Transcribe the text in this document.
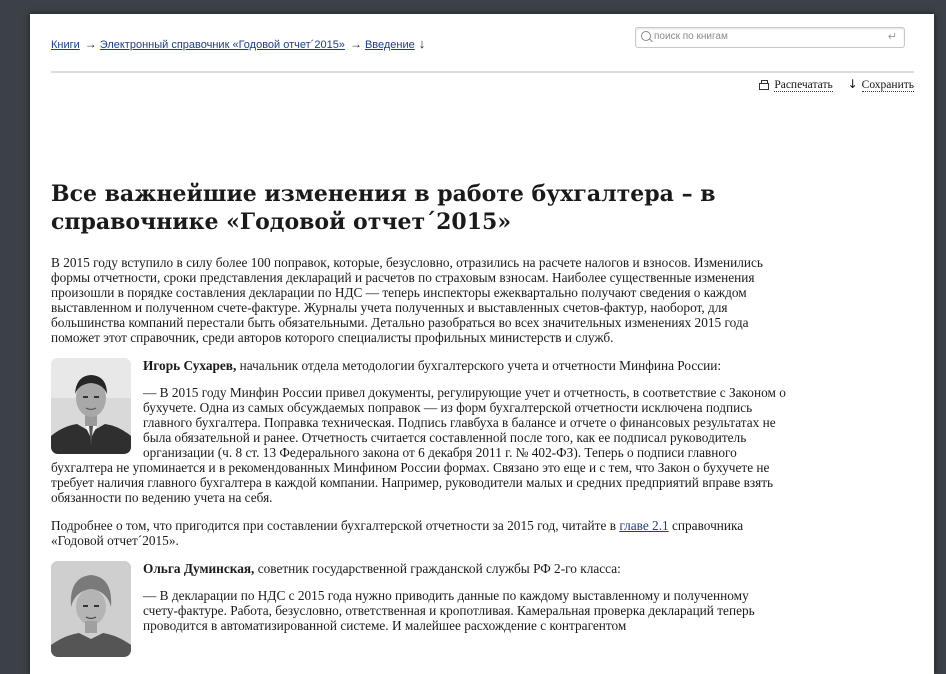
Книги → Электронный справочник «Годовой отчет´2015» → Введение ↓
поиск по книгам	↵
Распечатать ↓ Сохранить
Все важнейшие изменения в работе бухгалтера – в справочнике «Годовой отчет´2015»

В 2015 году вступило в силу более 100 поправок, которые, безусловно, отразились на расчете налогов и взносов. Изменились формы отчетности, сроки представления деклараций и расчетов по страховым взносам. Наиболее существенные изменения произошли в порядке составления декларации по НДС — теперь инспекторы ежеквартально получают сведения о каждом выставленном и полученном счете-фактуре. Журналы учета полученных и выставленных счетов-фактур, наоборот, для большинства компаний перестали быть обязательными. Детально разобраться во всех значительных изменениях 2015 года поможет этот справочник, среди авторов которого специалисты профильных министерств и служб.

Игорь Сухарев, начальник отдела методологии бухгалтерского учета и отчетности Минфина России:

— В 2015 году Минфин России привел документы, регулирующие учет и отчетность, в соответствие с Законом о бухучете. Одна из самых обсуждаемых поправок — из форм бухгалтерской отчетности исключена подпись главного бухгалтера. Поправка техническая. Подпись главбуха в балансе и отчете о финансовых результатах не была обязательной и ранее. Отчетность считается составленной после того, как ее подписал руководитель организации (ч. 8 ст. 13 Федерального закона от 6 декабря 2011 г. № 402-ФЗ). Теперь о подписи главного бухгалтера не упоминается и в рекомендованных Минфином России формах. Связано это еще и с тем, что Закон о бухучете не требует наличия главного бухгалтера в каждой компании. Например, руководители малых и средних предприятий вправе взять обязанности по ведению учета на себя.

Подробнее о том, что пригодится при составлении бухгалтерской отчетности за 2015 год, читайте в главе 2.1 справочника «Годовой отчет´2015».

Ольга Думинская, советник государственной гражданской службы РФ 2-го класса:

— В декларации по НДС с 2015 года нужно приводить данные по каждому выставленному и полученному счету-фактуре. Работа, безусловно, ответственная и кропотливая. Камеральная проверка деклараций теперь проводится в автоматизированной системе. И малейшее расхождение с контрагентом
